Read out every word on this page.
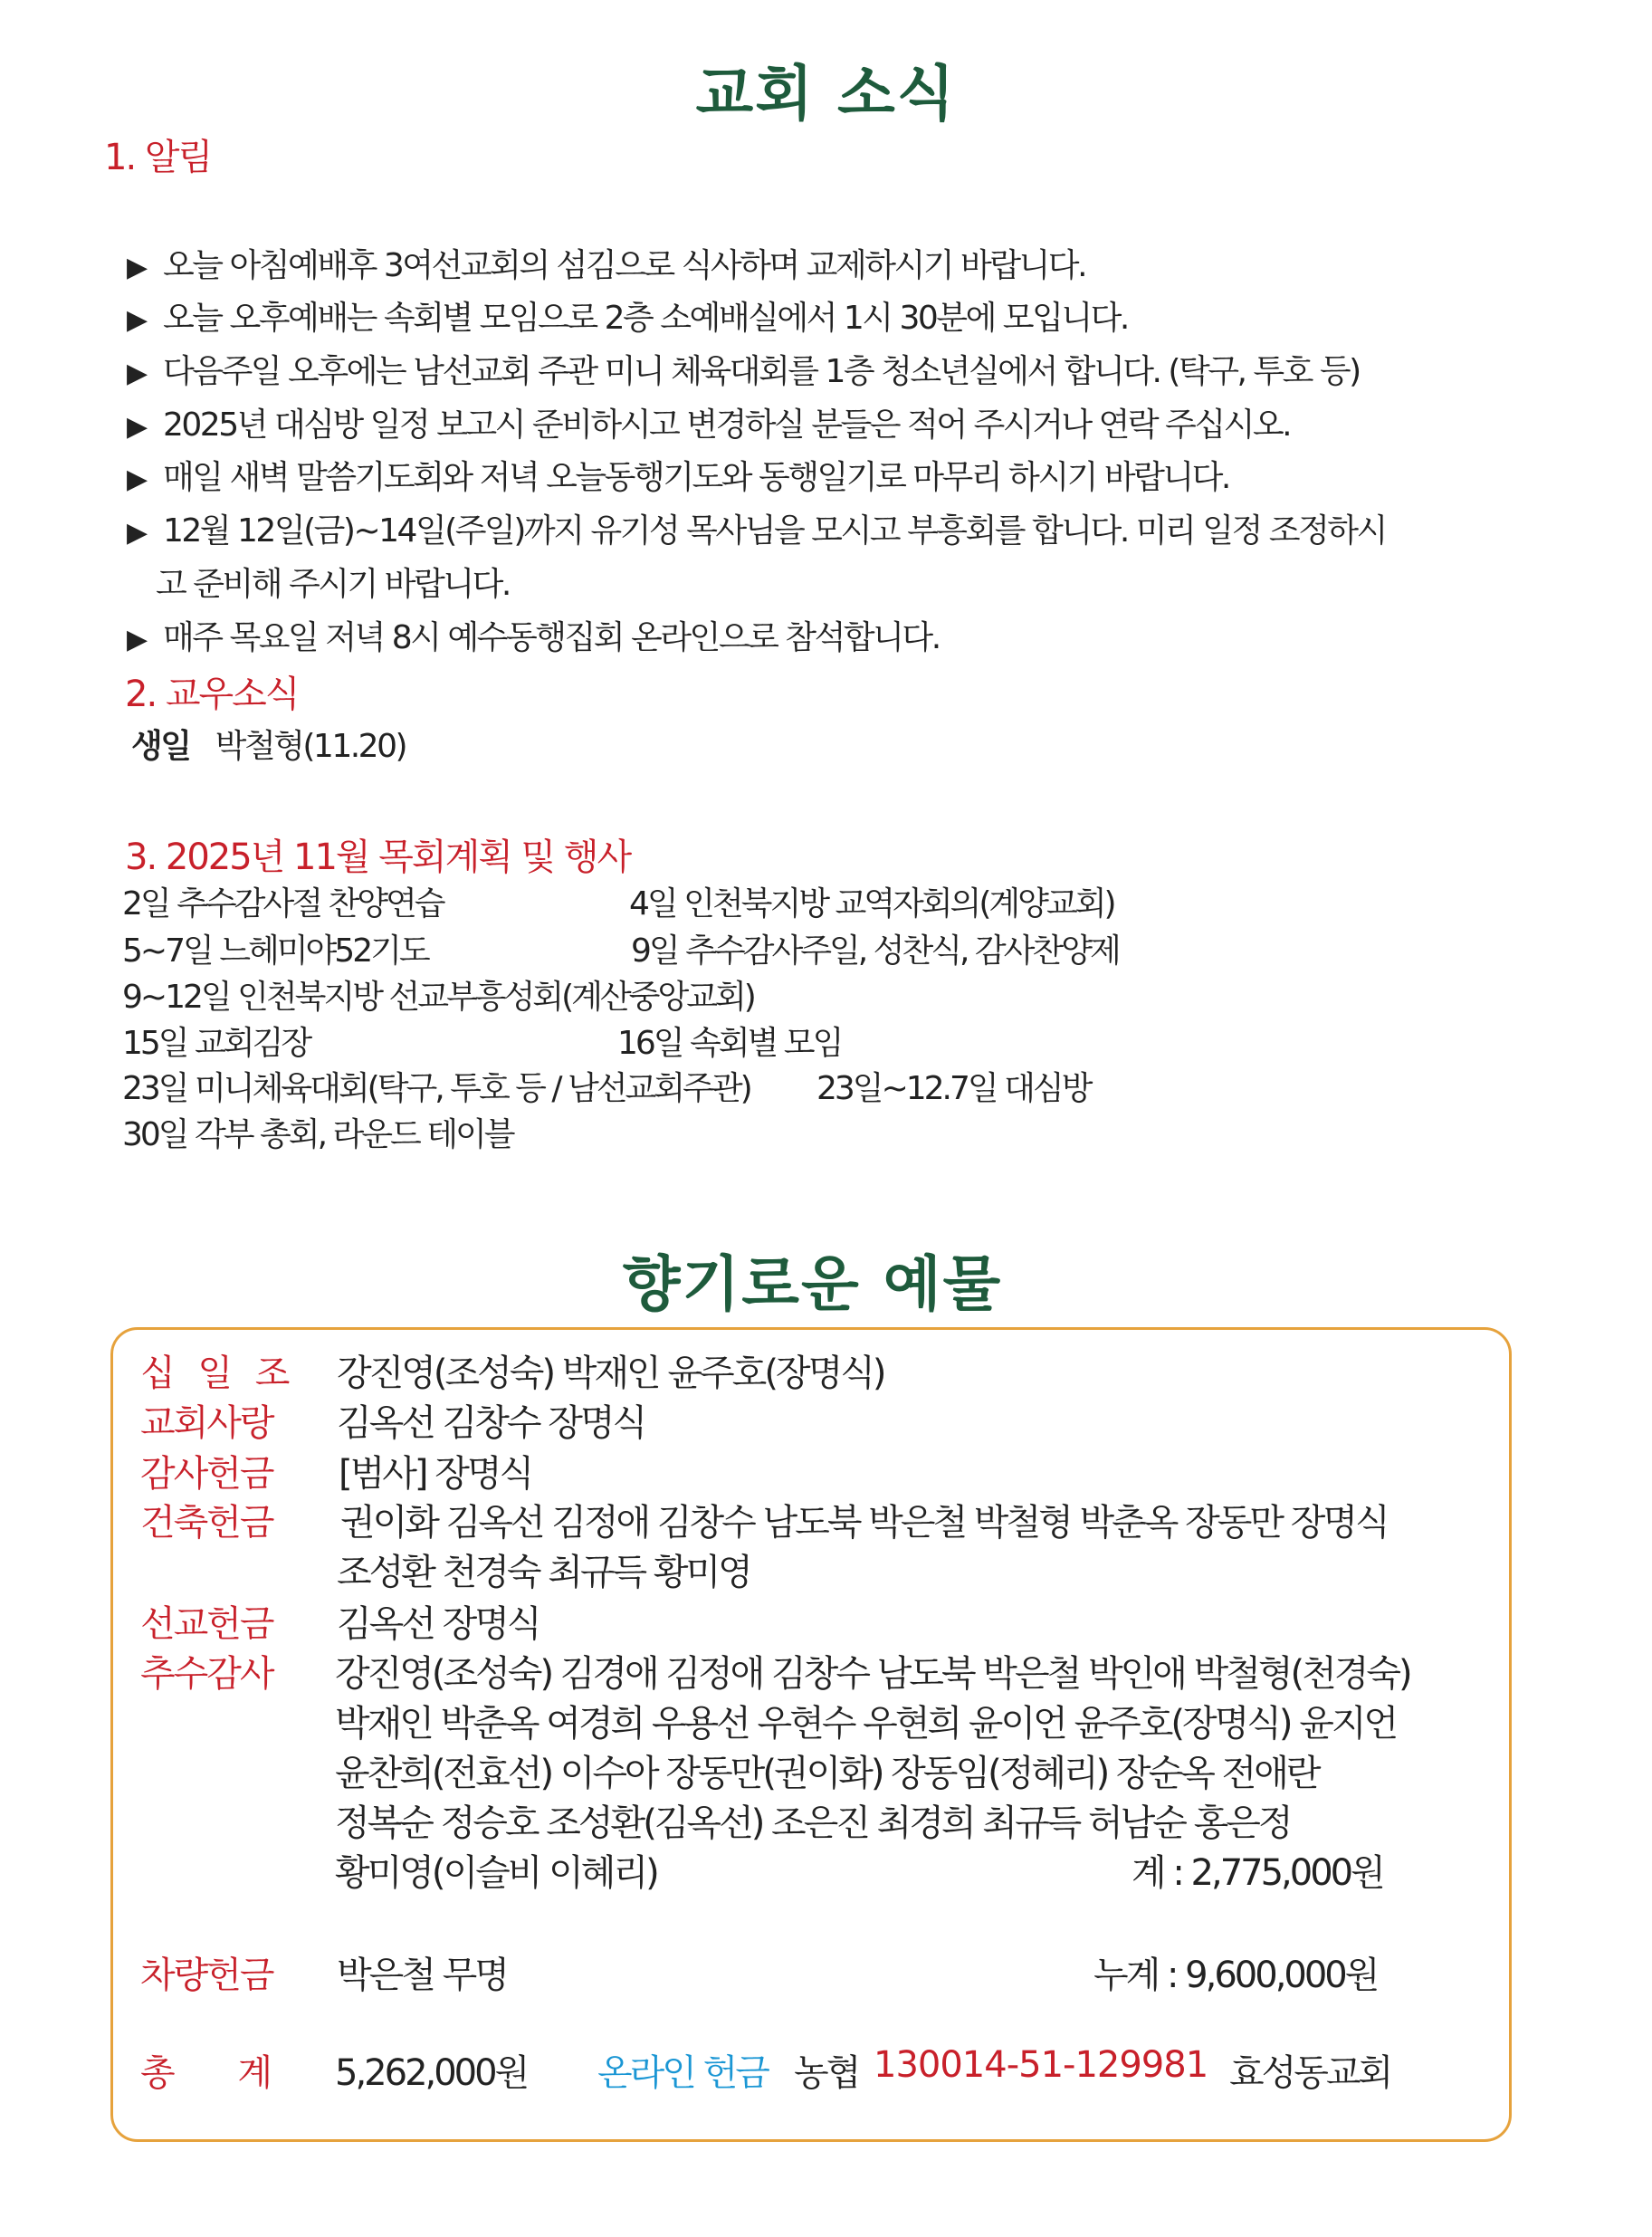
교회 소식
1. 알림
▶ 오늘 아침예배후 3여선교회의 섬김으로 식사하며 교제하시기 바랍니다.
▶ 오늘 오후예배는 속회별 모임으로 2층 소예배실에서 1시 30분에 모입니다.
▶ 다음주일 오후에는 남선교회 주관 미니 체육대회를 1층 청소년실에서 합니다. (탁구, 투호 등)
▶ 2025년 대심방 일정 보고시 준비하시고 변경하실 분들은 적어 주시거나 연락 주십시오.
▶ 매일 새벽 말씀기도회와 저녁 오늘동행기도와 동행일기로 마무리 하시기 바랍니다.
▶ 12월 12일(금)~14일(주일)까지 유기성 목사님을 모시고 부흥회를 합니다. 미리 일정 조정하시
고 준비해 주시기 바랍니다.
▶ 매주 목요일 저녁 8시 예수동행집회 온라인으로 참석합니다.
2. 교우소식
생일 박철형(11.20)
3. 2025년 11월 목회계획 및 행사
2일 추수감사절 찬양연습	4일 인천북지방 교역자회의(계양교회)
5~7일 느헤미야52기도	9일 추수감사주일, 성찬식, 감사찬양제
9~12일 인천북지방 선교부흥성회(계산중앙교회)
15일 교회김장	16일 속회별 모임
23일 미니체육대회(탁구, 투호 등 / 남선교회주관) 23일~12.7일 대심방
30일 각부 총회, 라운드 테이블
향기로운 예물
십 일 조 강진영(조성숙) 박재인 윤주호(장명식)
교회사랑 김옥선 김창수 장명식
감사헌금 [범사] 장명식
건축헌금 권이화 김옥선 김정애 김창수 남도북 박은철 박철형 박춘옥 장동만 장명식
조성환 천경숙 최규득 황미영
선교헌금 김옥선 장명식
추수감사 강진영(조성숙) 김경애 김정애 김창수 남도북 박은철 박인애 박철형(천경숙)
박재인 박춘옥 여경희 우용선 우현수 우현희 윤이언 윤주호(장명식) 윤지언
윤찬희(전효선) 이수아 장동만(권이화) 장동임(정혜리) 장순옥 전애란
정복순 정승호 조성환(김옥선) 조은진 최경희 최규득 허남순 홍은정
황미영(이슬비 이혜리)	계 : 2,775,000원
차량헌금 박은철 무명	누계 : 9,600,000원
총 계 5,262,000원 온라인 헌금 농협 130014-51-129981 효성동교회
